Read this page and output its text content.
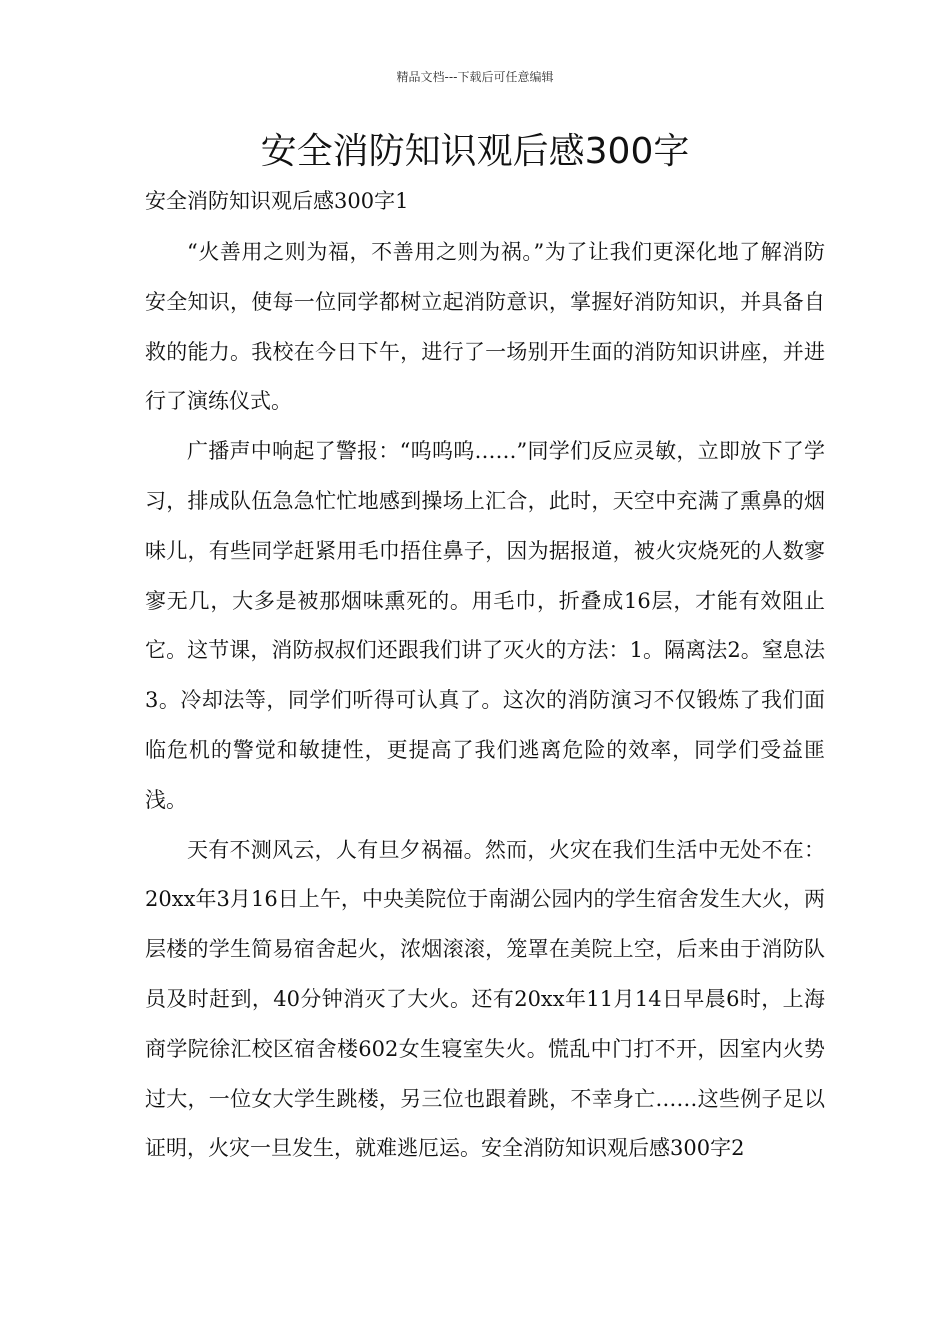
精品文档---下载后可任意编辑
安全消防知识观后感300字
安全消防知识观后感300字1

“火善用之则为福，不善用之则为祸。”为了让我们更深化地了解消防安全知识，使每一位同学都树立起消防意识，掌握好消防知识，并具备自救的能力。我校在今日下午，进行了一场别开生面的消防知识讲座，并进行了演练仪式。

广播声中响起了警报：“呜呜呜……”同学们反应灵敏，立即放下了学习，排成队伍急急忙忙地感到操场上汇合，此时，天空中充满了熏鼻的烟味儿，有些同学赶紧用毛巾捂住鼻子，因为据报道，被火灾烧死的人数寥寥无几，大多是被那烟味熏死的。用毛巾，折叠成16层，才能有效阻止它。这节课，消防叔叔们还跟我们讲了灭火的方法：1。隔离法2。窒息法3。冷却法等，同学们听得可认真了。这次的消防演习不仅锻炼了我们面临危机的警觉和敏捷性，更提高了我们逃离危险的效率，同学们受益匪浅。

天有不测风云，人有旦夕祸福。然而，火灾在我们生活中无处不在：20xx年3月16日上午，中央美院位于南湖公园内的学生宿舍发生大火，两层楼的学生简易宿舍起火，浓烟滚滚，笼罩在美院上空，后来由于消防队员及时赶到，40分钟消灭了大火。还有20xx年11月14日早晨6时，上海商学院徐汇校区宿舍楼602女生寝室失火。慌乱中门打不开，因室内火势过大，一位女大学生跳楼，另三位也跟着跳，不幸身亡……这些例子足以证明，火灾一旦发生，就难逃厄运。安全消防知识观后感300字2
